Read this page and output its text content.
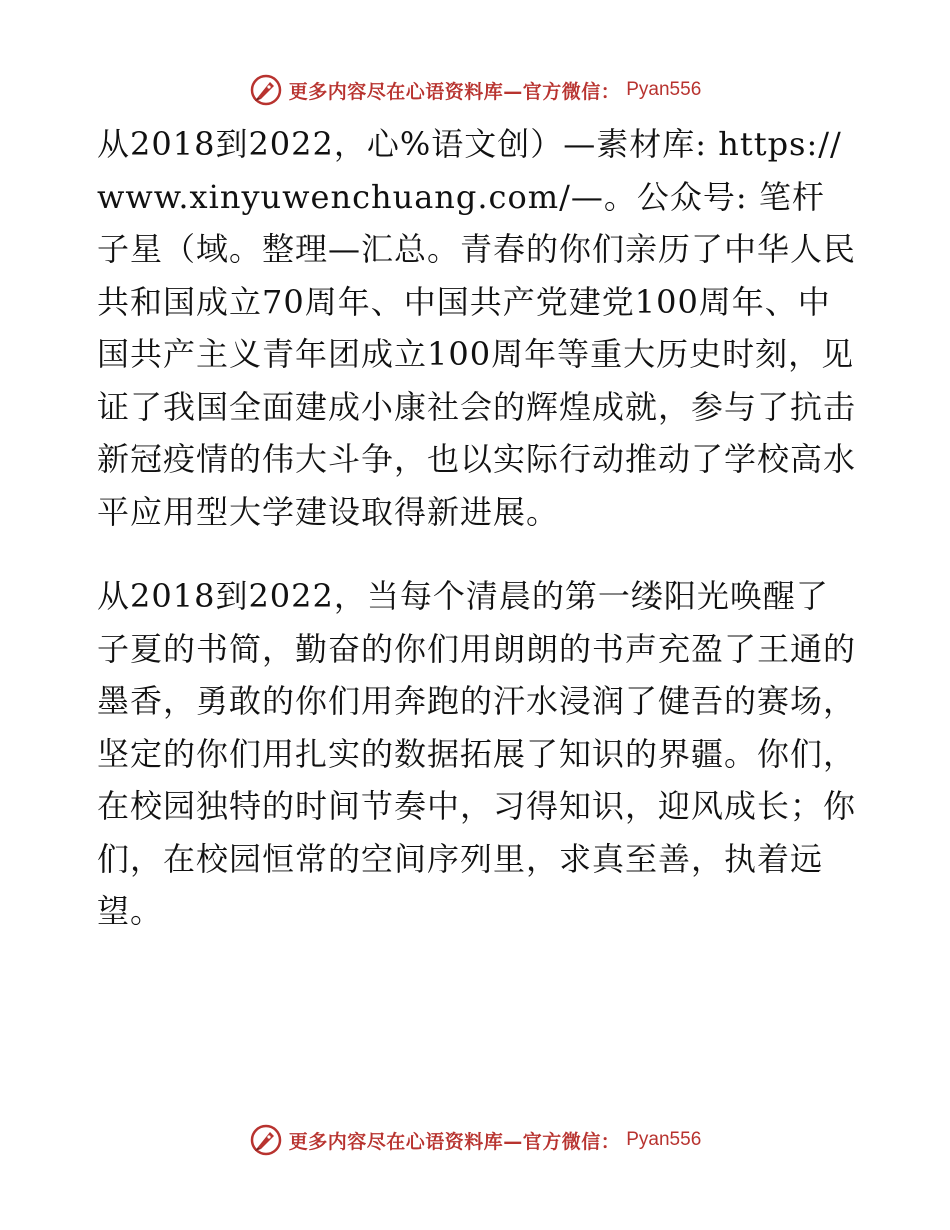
更多内容尽在心语资料库—官方微信： Pyan556

从2018到2022，心%语文创）—素材库: https://www.xinyuwenchuang.com/—。公众号: 笔杆子星（域。整理—汇总。青春的你们亲历了中华人民共和国成立70周年、中国共产党建党100周年、中国共产主义青年团成立100周年等重大历史时刻，见证了我国全面建成小康社会的辉煌成就，参与了抗击新冠疫情的伟大斗争，也以实际行动推动了学校高水平应用型大学建设取得新进展。

从2018到2022，当每个清晨的第一缕阳光唤醒了子夏的书简，勤奋的你们用朗朗的书声充盈了王通的墨香，勇敢的你们用奔跑的汗水浸润了健吾的赛场，坚定的你们用扎实的数据拓展了知识的界疆。你们，在校园独特的时间节奏中，习得知识，迎风成长；你们，在校园恒常的空间序列里，求真至善，执着远望。

更多内容尽在心语资料库—官方微信： Pyan556
